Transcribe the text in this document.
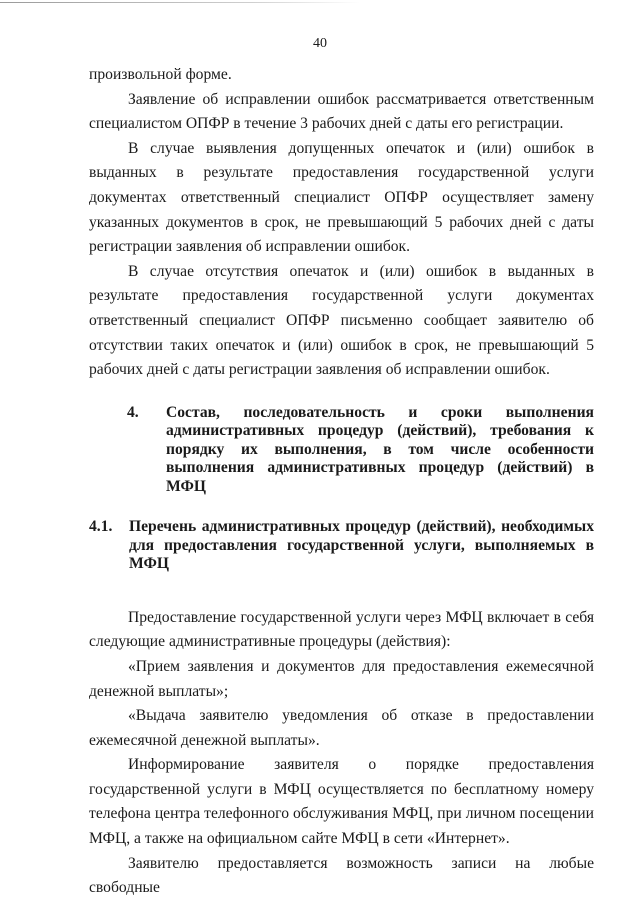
40

произвольной форме.

Заявление об исправлении ошибок рассматривается ответственным специалистом ОПФР в течение 3 рабочих дней с даты его регистрации.

В случае выявления допущенных опечаток и (или) ошибок в выданных в результате предоставления государственной услуги документах ответственный специалист ОПФР осуществляет замену указанных документов в срок, не превышающий 5 рабочих дней с даты регистрации заявления об исправлении ошибок.

В случае отсутствия опечаток и (или) ошибок в выданных в результате предоставления государственной услуги документах ответственный специалист ОПФР письменно сообщает заявителю об отсутствии таких опечаток и (или) ошибок в срок, не превышающий 5 рабочих дней с даты регистрации заявления об исправлении ошибок.

4.	Состав, последовательность и сроки выполнения административных процедур (действий), требования к порядку их выполнения, в том числе особенности выполнения административных процедур (действий) в МФЦ
4.1.	Перечень административных процедур (действий), необходимых для предоставления государственной услуги, выполняемых в МФЦ

Предоставление государственной услуги через МФЦ включает в себя следующие административные процедуры (действия):

«Прием заявления и документов для предоставления ежемесячной денежной выплаты»;

«Выдача заявителю уведомления об отказе в предоставлении ежемесячной денежной выплаты».

Информирование заявителя о порядке предоставления государственной услуги в МФЦ осуществляется по бесплатному номеру телефона центра телефонного обслуживания МФЦ, при личном посещении МФЦ, а также на официальном сайте МФЦ в сети «Интернет».

Заявителю предоставляется возможность записи на любые свободные
